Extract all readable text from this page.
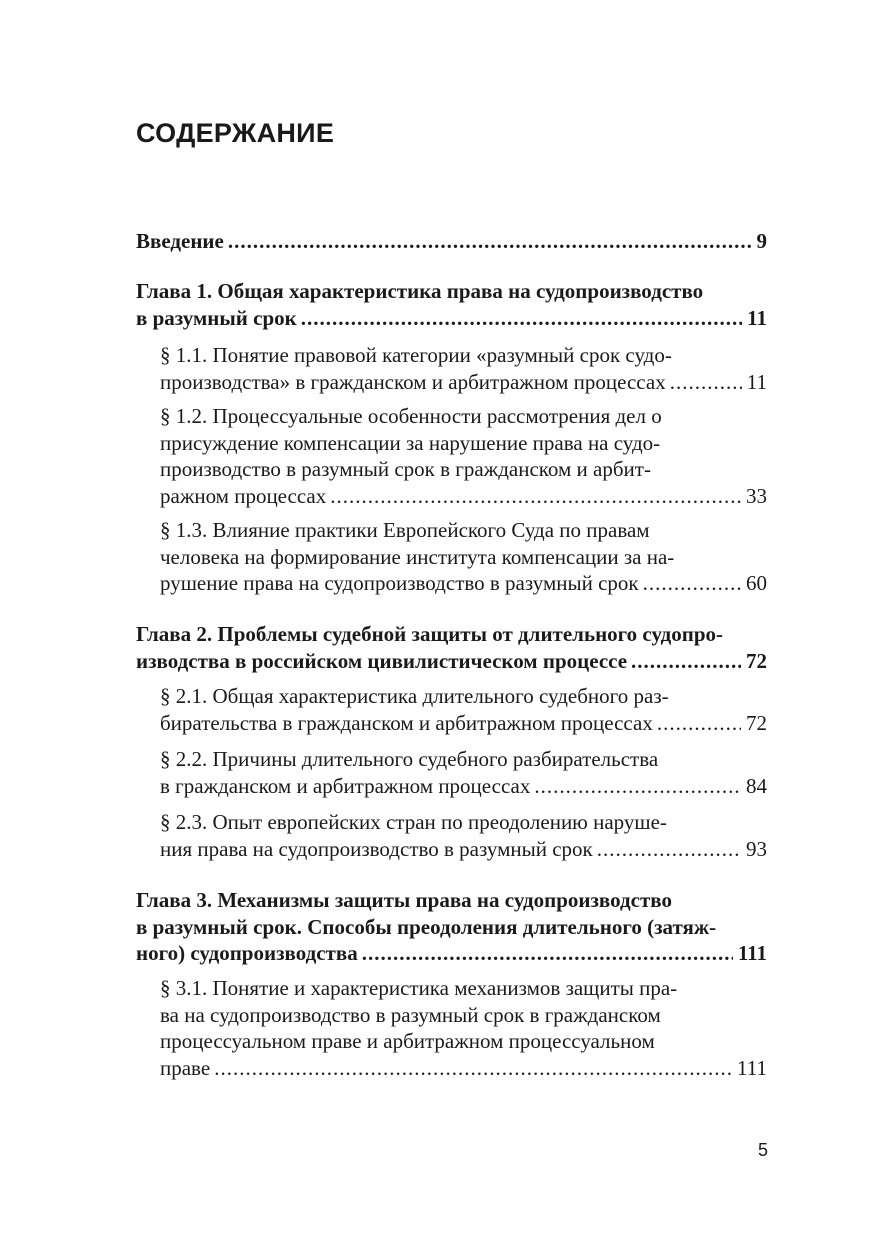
СОДЕРЖАНИЕ
Введение .....	9
Глава 1. Общая характеристика права на судопроизводство
в разумный срок .....	11
§ 1.1. Понятие правовой категории «разумный срок судо-
производства» в гражданском и арбитражном процессах .....	11
§ 1.2. Процессуальные особенности рассмотрения дел о
присуждение компенсации за нарушение права на судо-
производство в разумный срок в гражданском и арбит-
ражном процессах .....	33
§ 1.3. Влияние практики Европейского Суда по правам
человека на формирование института компенсации за на-
рушение права на судопроизводство в разумный срок .....	60
Глава 2. Проблемы судебной защиты от длительного судопро-
изводства в российском цивилистическом процессе .....	72
§ 2.1. Общая характеристика длительного судебного раз-
бирательства в гражданском и арбитражном процессах .....	72
§ 2.2. Причины длительного судебного разбирательства
в гражданском и арбитражном процессах .....	84
§ 2.3. Опыт европейских стран по преодолению наруше-
ния права на судопроизводство в разумный срок .....	93
Глава 3. Механизмы защиты права на судопроизводство
в разумный срок. Способы преодоления длительного (затяж-
ного) судопроизводства .....	111
§ 3.1. Понятие и характеристика механизмов защиты пра-
ва на судопроизводство в разумный срок в гражданском
процессуальном праве и арбитражном процессуальном
праве .....	111
5
